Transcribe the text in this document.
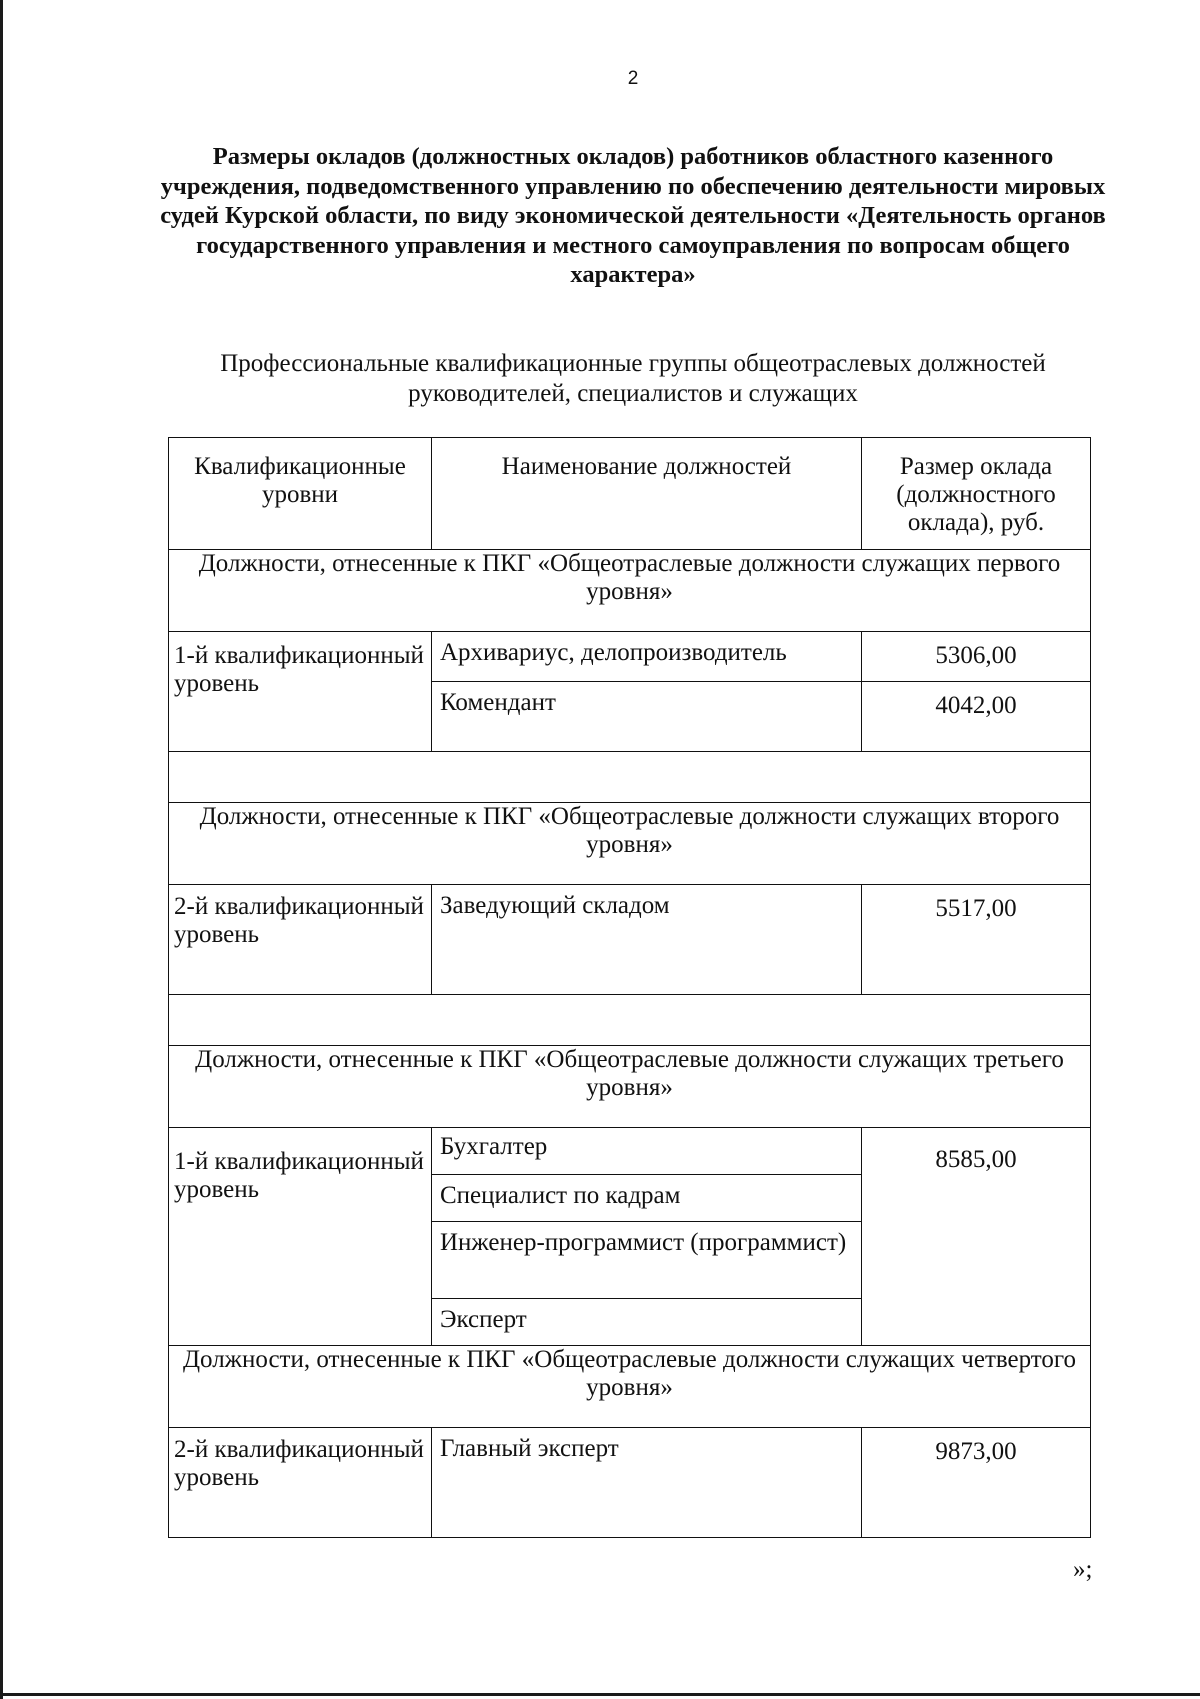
2

Размеры окладов (должностных окладов) работников областного казенного учреждения, подведомственного управлению по обеспечению деятельности мировых судей Курской области, по виду экономической деятельности «Деятельность органов государственного управления и местного самоуправления по вопросам общего характера»

Профессиональные квалификационные группы общеотраслевых должностей руководителей, специалистов и служащих

Квалификационные уровни	Наименование должностей	Размер оклада (должностного оклада), руб.
Должности, отнесенные к ПКГ «Общеотраслевые должности служащих первого уровня»		
1-й квалификационный уровень	Архивариус, делопроизводитель	5306,00
	Комендант	4042,00

Должности, отнесенные к ПКГ «Общеотраслевые должности служащих второго уровня»		
2-й квалификационный уровень	Заведующий складом	5517,00

Должности, отнесенные к ПКГ «Общеотраслевые должности служащих третьего уровня»		
1-й квалификационный уровень	Бухгалтер	8585,00
	Специалист по кадрам	
	Инженер-программист (программист)	
	Эксперт	
Должности, отнесенные к ПКГ «Общеотраслевые должности служащих четвертого уровня»		
2-й квалификационный уровень	Главный эксперт	9873,00
»;
